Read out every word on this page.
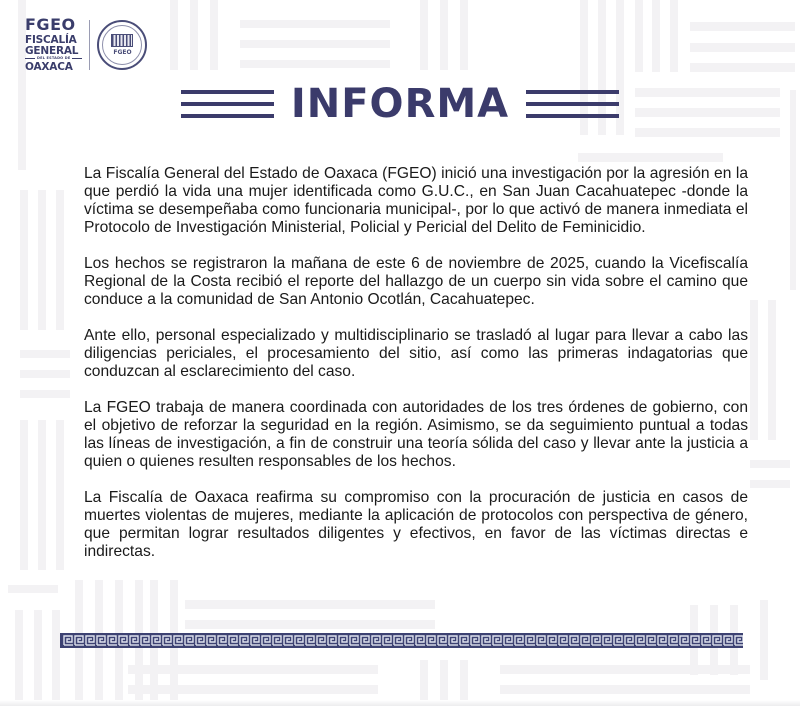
FGEO
FISCALÍA
GENERAL
DEL ESTADO DE
OAXACA
FGEO
INFORMA

La Fiscalía General del Estado de Oaxaca (FGEO) inició una investigación por la agresión en la que perdió la vida una mujer identificada como G.U.C., en San Juan Cacahuatepec -donde la víctima se desempeñaba como funcionaria municipal-, por lo que activó de manera inmediata el Protocolo de Investigación Ministerial, Policial y Pericial del Delito de Feminicidio.

Los hechos se registraron la mañana de este 6 de noviembre de 2025, cuando la Vicefiscalía Regional de la Costa recibió el reporte del hallazgo de un cuerpo sin vida sobre el camino que conduce a la comunidad de San Antonio Ocotlán, Cacahuatepec.

Ante ello, personal especializado y multidisciplinario se trasladó al lugar para llevar a cabo las diligencias periciales, el procesamiento del sitio, así como las primeras indagatorias que conduzcan al esclarecimiento del caso.

La FGEO trabaja de manera coordinada con autoridades de los tres órdenes de gobierno, con el objetivo de reforzar la seguridad en la región. Asimismo, se da seguimiento puntual a todas las líneas de investigación, a fin de construir una teoría sólida del caso y llevar ante la justicia a quien o quienes resulten responsables de los hechos.

La Fiscalía de Oaxaca reafirma su compromiso con la procuración de justicia en casos de muertes violentas de mujeres, mediante la aplicación de protocolos con perspectiva de género, que permitan lograr resultados diligentes y efectivos, en favor de las víctimas directas e indirectas.
